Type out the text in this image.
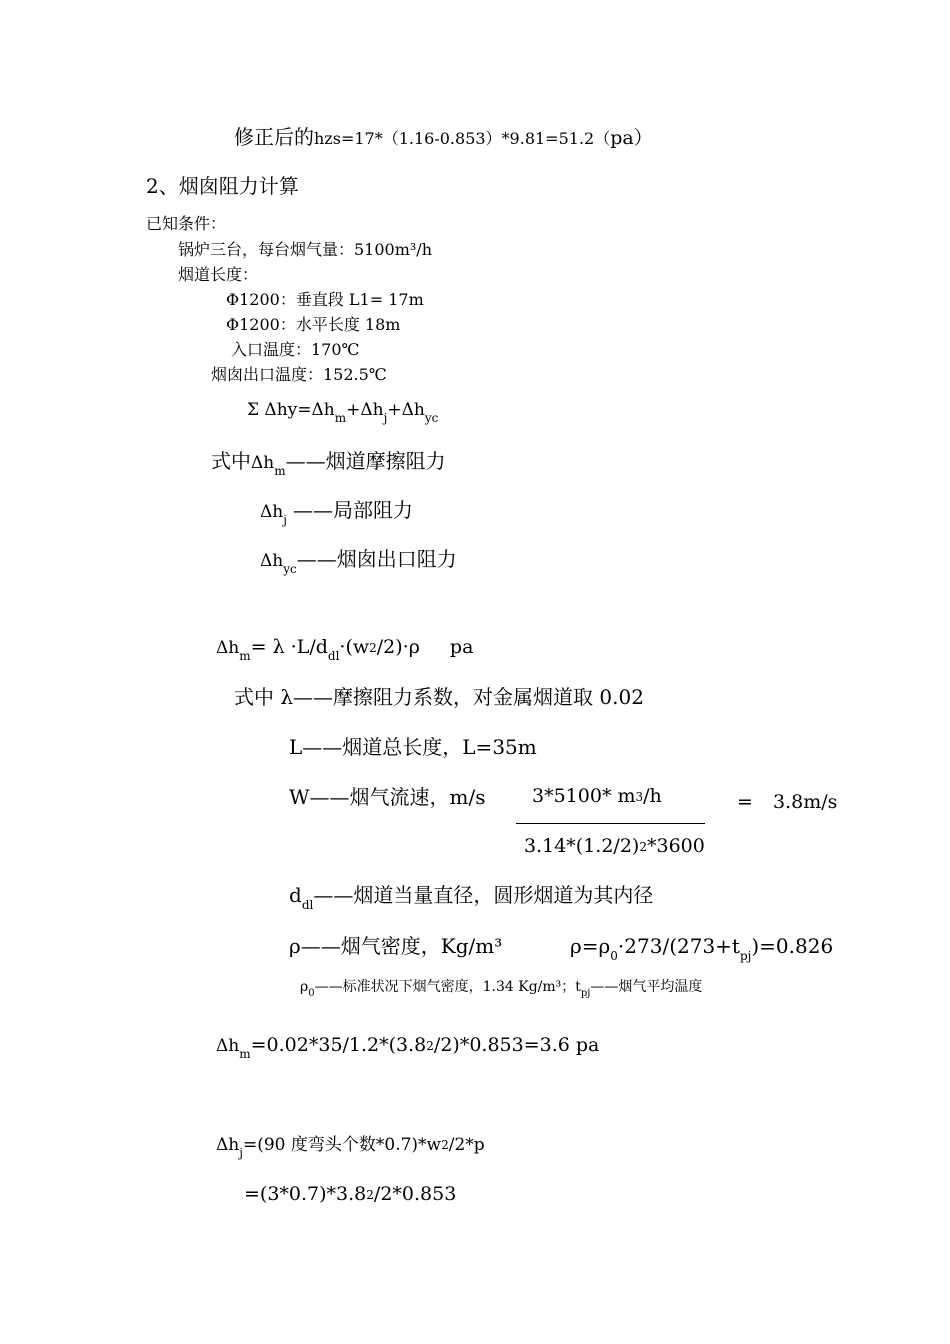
修正后的hzs=17*（1.16-0.853）*9.81=51.2（pa）
2、烟囱阻力计算
已知条件：
锅炉三台，每台烟气量：5100m³/h
烟道长度：
Φ1200：垂直段 L1= 17m
Φ1200：水平长度 18m
入口温度：170℃
烟囱出口温度：152.5℃
Σ $\Delta hy=\Delta h_m+\Delta h_j+\Delta h_{yc}$
式中$\Delta h_m——$烟道摩擦阻力
$\Delta h_j$ ——局部阻力
$\Delta h_{yc}——$烟囱出口阻力
$\Delta h_m= \lambda \cdot L/d_{dl}\cdot(w2/2)\cdot\rho$ pa
式中 λ——摩擦阻力系数，对金属烟道取 0.02
L——烟道总长度，L=35m
W——烟气流速，m/s 3*5100* m3/h
3.14*(1.2/2)2*3600
= 3.8m/s
$d_{dl}——$烟道当量直径，圆形烟道为其内径
ρ——烟气密度，Kg/m³	$\rho=\rho_0\cdot 273/(273+t_{pj})=0.826$
$\rho_0——$标准状况下烟气密度，1.34 Kg/m³；$t_{pj}——$烟气平均温度
$\Delta h_m=0.02*35/1.2*(3.82/2)*0.853=3.6$ pa
$\Delta h_j=(90$ 度弯头个数*0.7)*w2/2*p
=(3*0.7)*3.82/2*0.853
